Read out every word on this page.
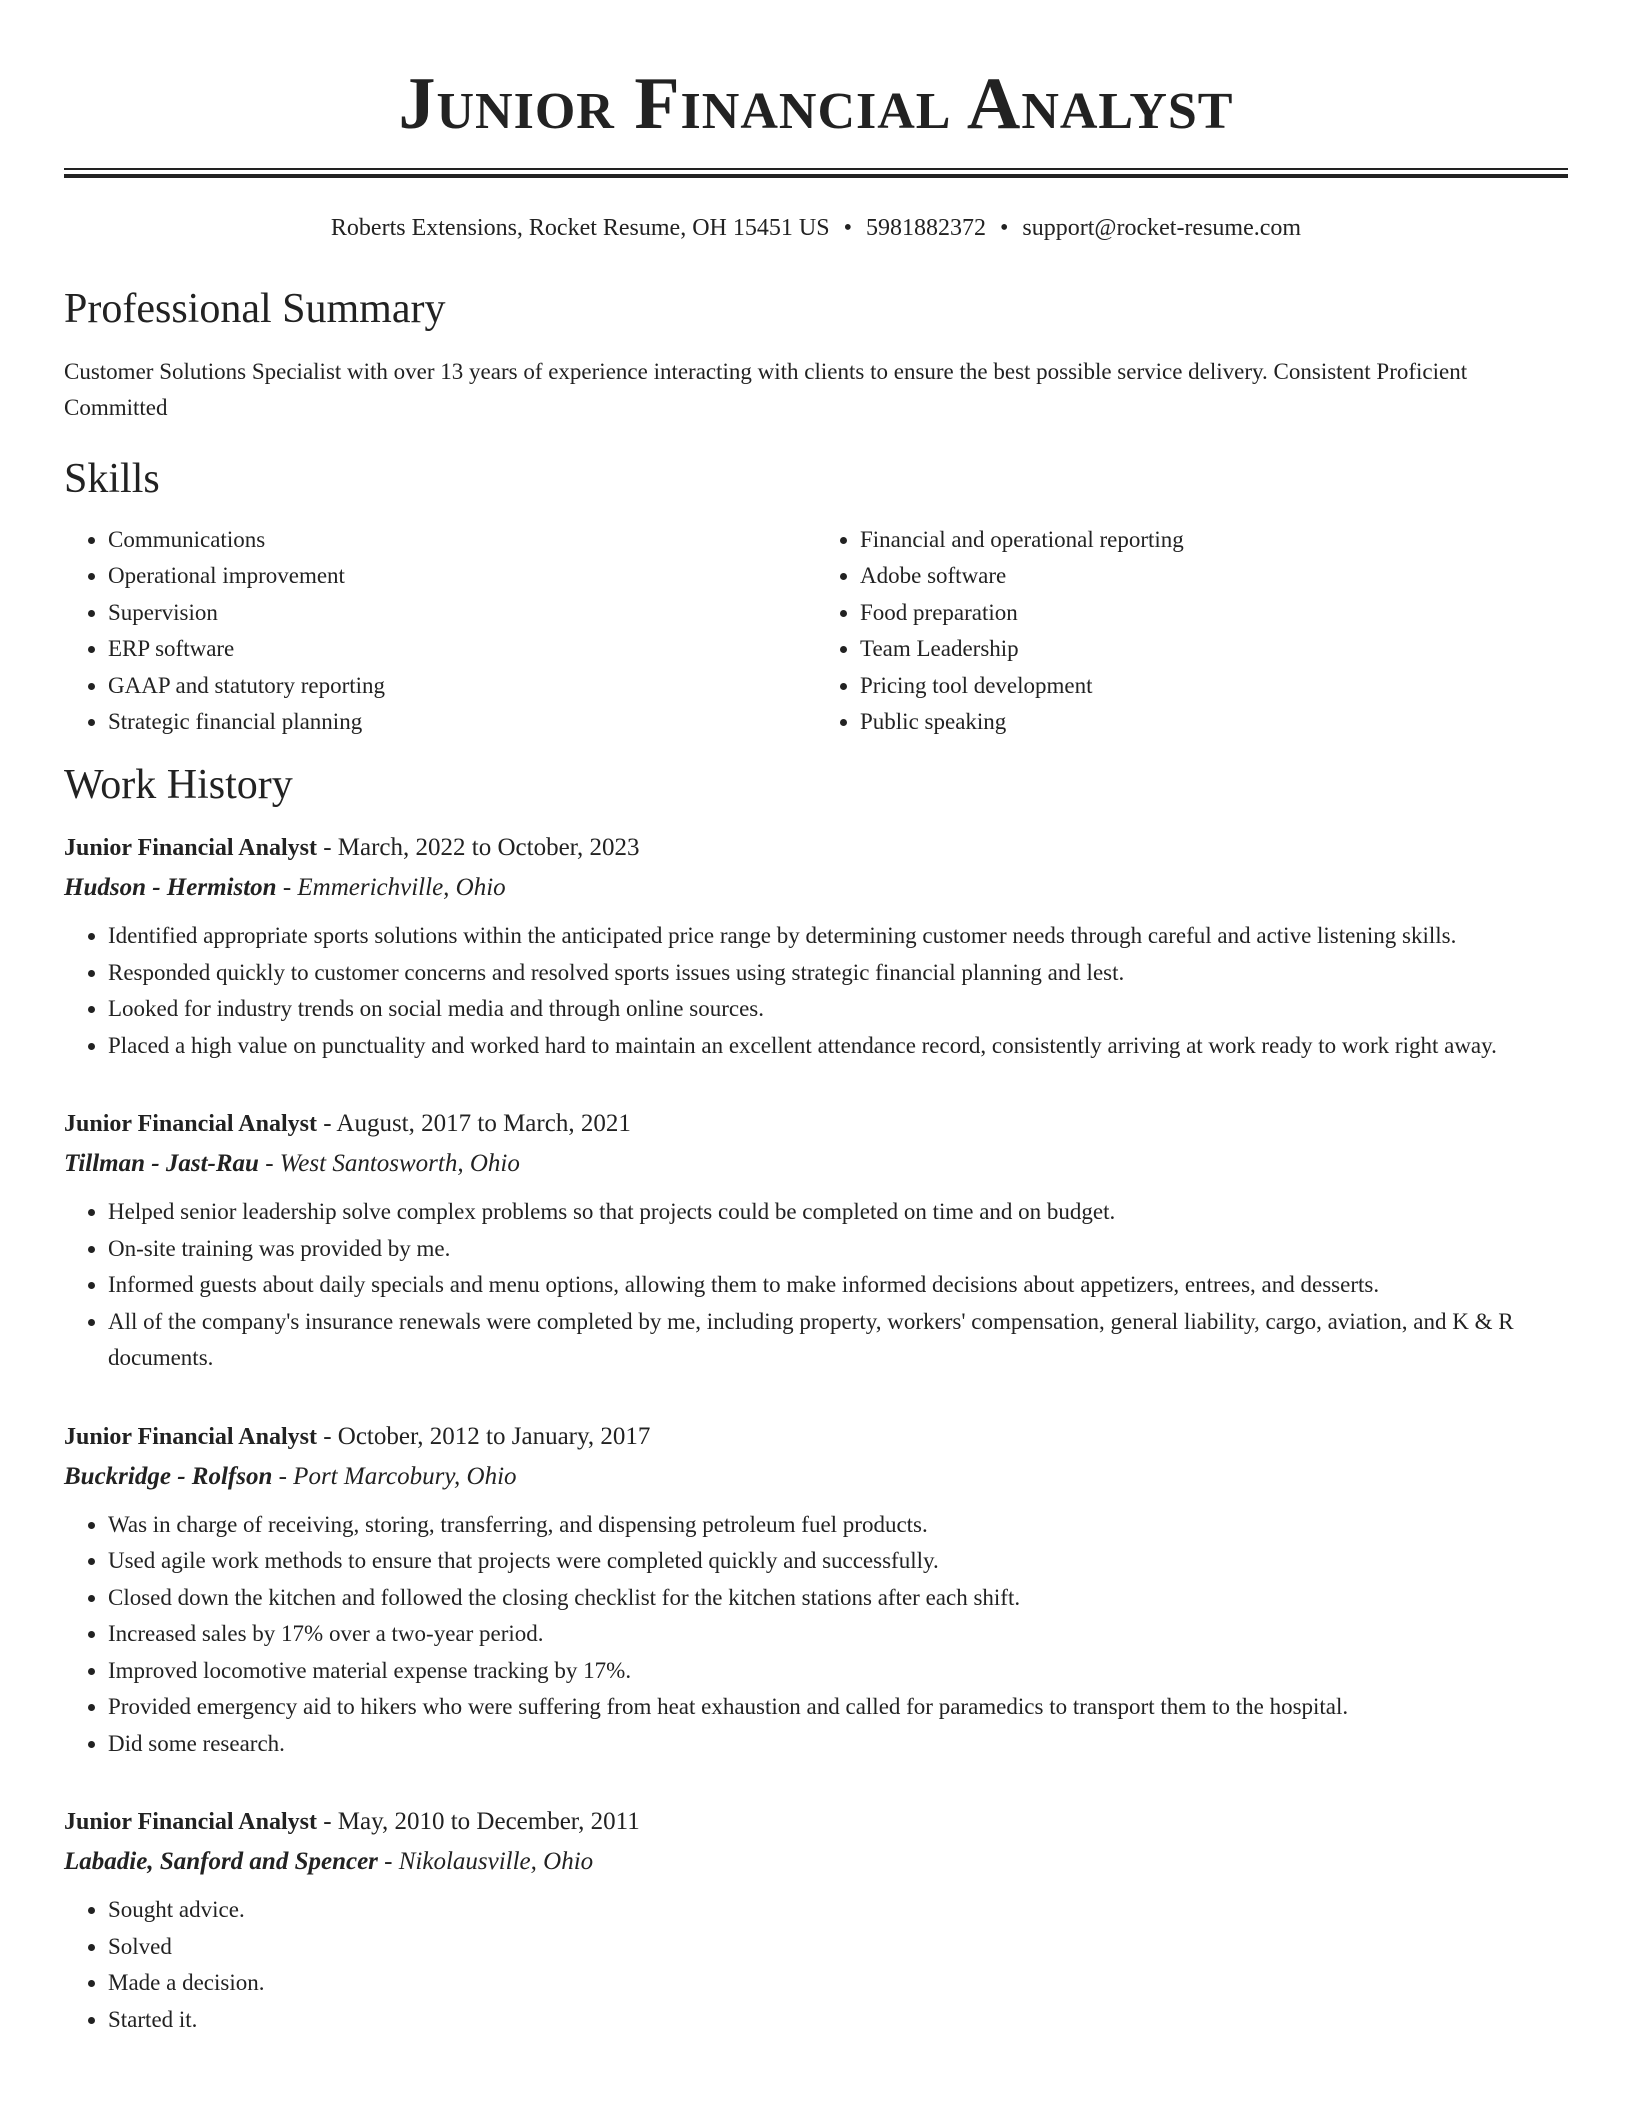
Junior Financial Analyst
Roberts Extensions, Rocket Resume, OH 15451 US • 5981882372 • support@rocket-resume.com
Professional Summary
Customer Solutions Specialist with over 13 years of experience interacting with clients to ensure the best possible service delivery. Consistent Proficient Committed
Skills
• Communications
• Operational improvement
• Supervision
• ERP software
• GAAP and statutory reporting
• Strategic financial planning
• Financial and operational reporting
• Adobe software
• Food preparation
• Team Leadership
• Pricing tool development
• Public speaking
Work History
Junior Financial Analyst - March, 2022 to October, 2023
Hudson - Hermiston - Emmerichville, Ohio
• Identified appropriate sports solutions within the anticipated price range by determining customer needs through careful and active listening skills.
• Responded quickly to customer concerns and resolved sports issues using strategic financial planning and lest.
• Looked for industry trends on social media and through online sources.
• Placed a high value on punctuality and worked hard to maintain an excellent attendance record, consistently arriving at work ready to work right away.
Junior Financial Analyst - August, 2017 to March, 2021
Tillman - Jast-Rau - West Santosworth, Ohio
• Helped senior leadership solve complex problems so that projects could be completed on time and on budget.
• On-site training was provided by me.
• Informed guests about daily specials and menu options, allowing them to make informed decisions about appetizers, entrees, and desserts.
• All of the company's insurance renewals were completed by me, including property, workers' compensation, general liability, cargo, aviation, and K & R documents.
Junior Financial Analyst - October, 2012 to January, 2017
Buckridge - Rolfson - Port Marcobury, Ohio
• Was in charge of receiving, storing, transferring, and dispensing petroleum fuel products.
• Used agile work methods to ensure that projects were completed quickly and successfully.
• Closed down the kitchen and followed the closing checklist for the kitchen stations after each shift.
• Increased sales by 17% over a two-year period.
• Improved locomotive material expense tracking by 17%.
• Provided emergency aid to hikers who were suffering from heat exhaustion and called for paramedics to transport them to the hospital.
• Did some research.
Junior Financial Analyst - May, 2010 to December, 2011
Labadie, Sanford and Spencer - Nikolausville, Ohio
• Sought advice.
• Solved
• Made a decision.
• Started it.
